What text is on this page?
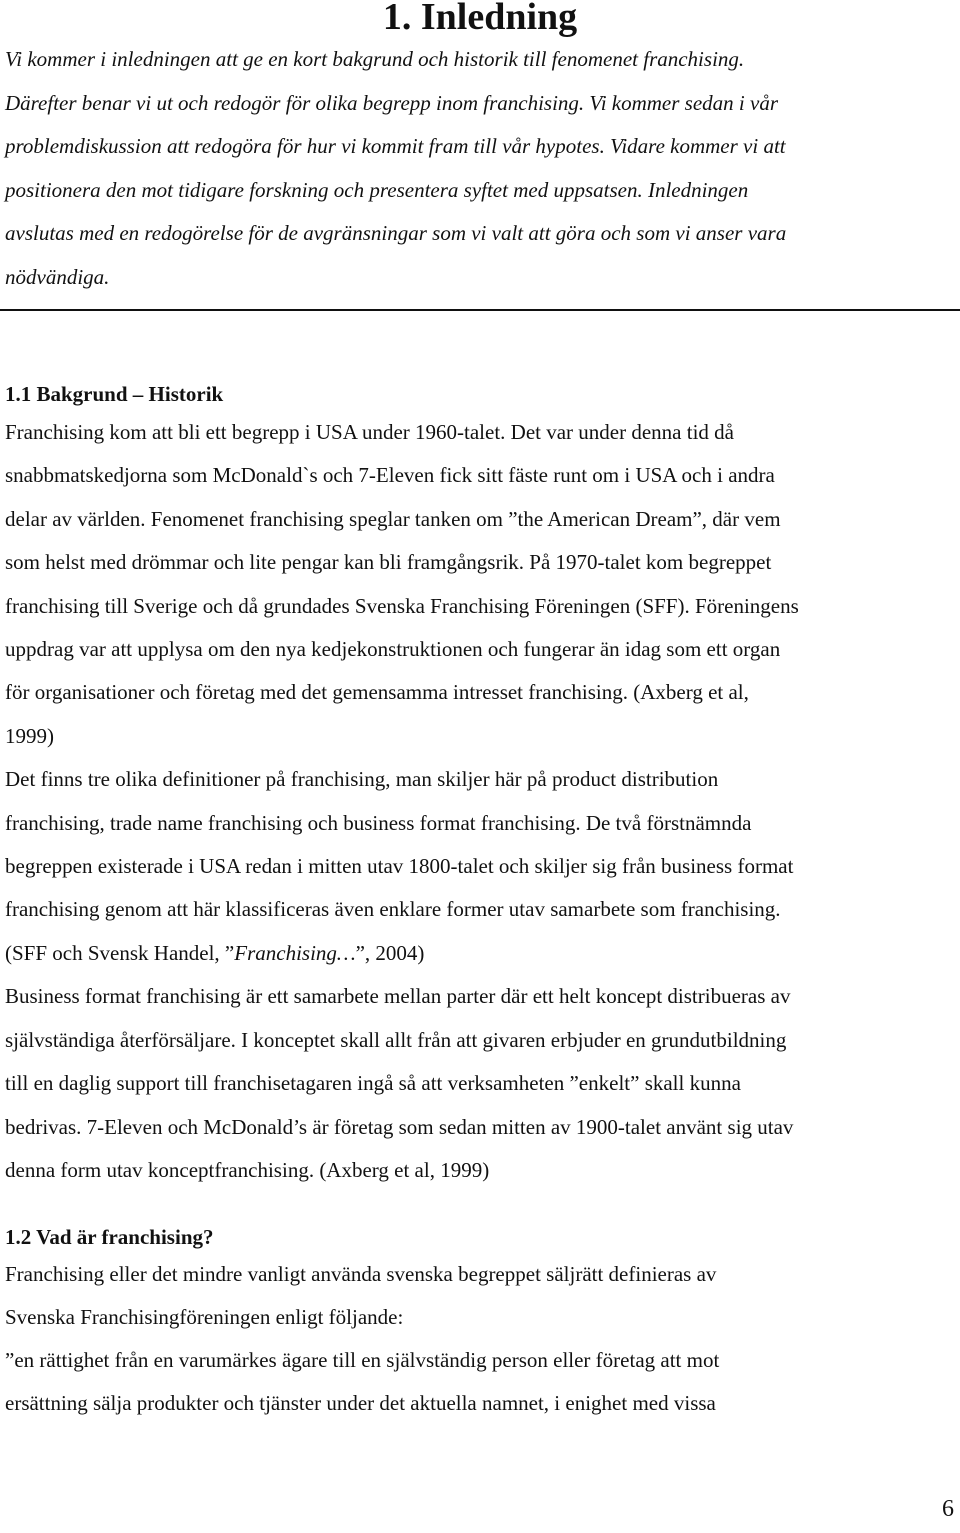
1. Inledning

Vi kommer i inledningen att ge en kort bakgrund och historik till fenomenet franchising.
Därefter benar vi ut och redogör för olika begrepp inom franchising. Vi kommer sedan i vår
problemdiskussion att redogöra för hur vi kommit fram till vår hypotes. Vidare kommer vi att
positionera den mot tidigare forskning och presentera syftet med uppsatsen. Inledningen
avslutas med en redogörelse för de avgränsningar som vi valt att göra och som vi anser vara
nödvändiga.

1.1 Bakgrund – Historik

Franchising kom att bli ett begrepp i USA under 1960-talet. Det var under denna tid då
snabbmatskedjorna som McDonald`s och 7-Eleven fick sitt fäste runt om i USA och i andra
delar av världen. Fenomenet franchising speglar tanken om ”the American Dream”, där vem
som helst med drömmar och lite pengar kan bli framgångsrik. På 1970-talet kom begreppet
franchising till Sverige och då grundades Svenska Franchising Föreningen (SFF). Föreningens
uppdrag var att upplysa om den nya kedjekonstruktionen och fungerar än idag som ett organ
för organisationer och företag med det gemensamma intresset franchising. (Axberg et al,
1999)
Det finns tre olika definitioner på franchising, man skiljer här på product distribution
franchising, trade name franchising och business format franchising. De två förstnämnda
begreppen existerade i USA redan i mitten utav 1800-talet och skiljer sig från business format
franchising genom att här klassificeras även enklare former utav samarbete som franchising.
(SFF och Svensk Handel, ”Franchising…”, 2004)
Business format franchising är ett samarbete mellan parter där ett helt koncept distribueras av
självständiga återförsäljare. I konceptet skall allt från att givaren erbjuder en grundutbildning
till en daglig support till franchisetagaren ingå så att verksamheten ”enkelt” skall kunna
bedrivas. 7-Eleven och McDonald’s är företag som sedan mitten av 1900-talet använt sig utav
denna form utav konceptfranchising. (Axberg et al, 1999)

1.2 Vad är franchising?

Franchising eller det mindre vanligt använda svenska begreppet säljrätt definieras av
Svenska Franchisingföreningen enligt följande:
”en rättighet från en varumärkes ägare till en självständig person eller företag att mot
ersättning sälja produkter och tjänster under det aktuella namnet, i enighet med vissa

6
